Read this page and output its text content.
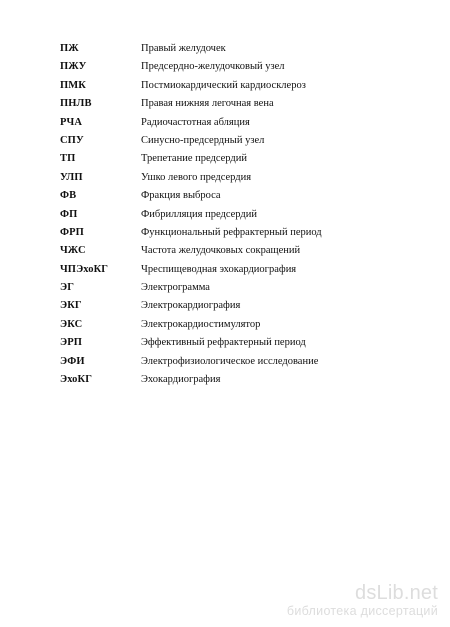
ПЖ	Правый желудочек
ПЖУ	Предсердно-желудочковый узел
ПМК	Постмиокардический кардиосклероз
ПНЛВ	Правая нижняя легочная вена
РЧА	Радиочастотная абляция
СПУ	Синусно-предсердный узел
ТП	Трепетание предсердий
УЛП	Ушко левого предсердия
ФВ	Фракция выброса
ФП	Фибрилляция предсердий
ФРП	Функциональный рефрактерный период
ЧЖС	Частота желудочковых сокращений
ЧПЭхоКГ	Чреспищеводная эхокардиография
ЭГ	Электрограмма
ЭКГ	Электрокардиография
ЭКС	Электрокардиостимулятор
ЭРП	Эффективный рефрактерный период
ЭФИ	Электрофизиологическое исследование
ЭхоКГ	Эхокардиография
dsLib.net
библиотека диссертаций
